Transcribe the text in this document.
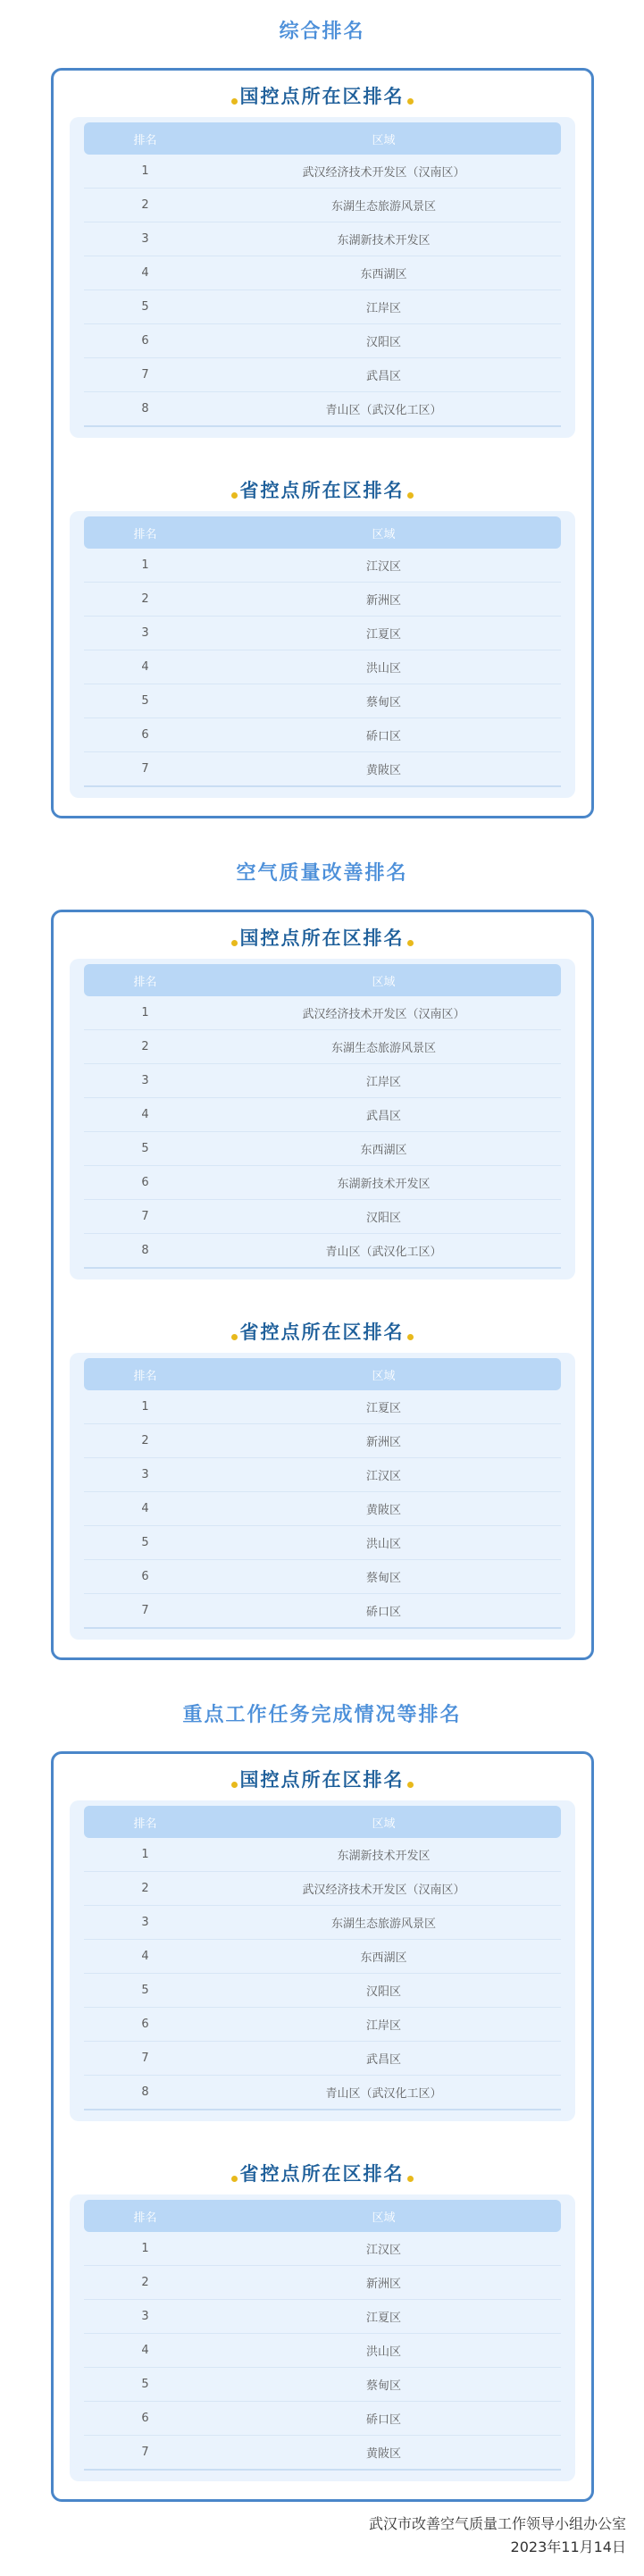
综合排名
国控点所在区排名
排名	区域
1	武汉经济技术开发区（汉南区）
2	东湖生态旅游风景区
3	东湖新技术开发区
4	东西湖区
5	江岸区
6	汉阳区
7	武昌区
8	青山区（武汉化工区）
省控点所在区排名
排名	区域
1	江汉区
2	新洲区
3	江夏区
4	洪山区
5	蔡甸区
6	硚口区
7	黄陂区
空气质量改善排名
国控点所在区排名
排名	区域
1	武汉经济技术开发区（汉南区）
2	东湖生态旅游风景区
3	江岸区
4	武昌区
5	东西湖区
6	东湖新技术开发区
7	汉阳区
8	青山区（武汉化工区）
省控点所在区排名
排名	区域
1	江夏区
2	新洲区
3	江汉区
4	黄陂区
5	洪山区
6	蔡甸区
7	硚口区
重点工作任务完成情况等排名
国控点所在区排名
排名	区域
1	东湖新技术开发区
2	武汉经济技术开发区（汉南区）
3	东湖生态旅游风景区
4	东西湖区
5	汉阳区
6	江岸区
7	武昌区
8	青山区（武汉化工区）
省控点所在区排名
排名	区域
1	江汉区
2	新洲区
3	江夏区
4	洪山区
5	蔡甸区
6	硚口区
7	黄陂区
武汉市改善空气质量工作领导小组办公室
2023年11月14日
